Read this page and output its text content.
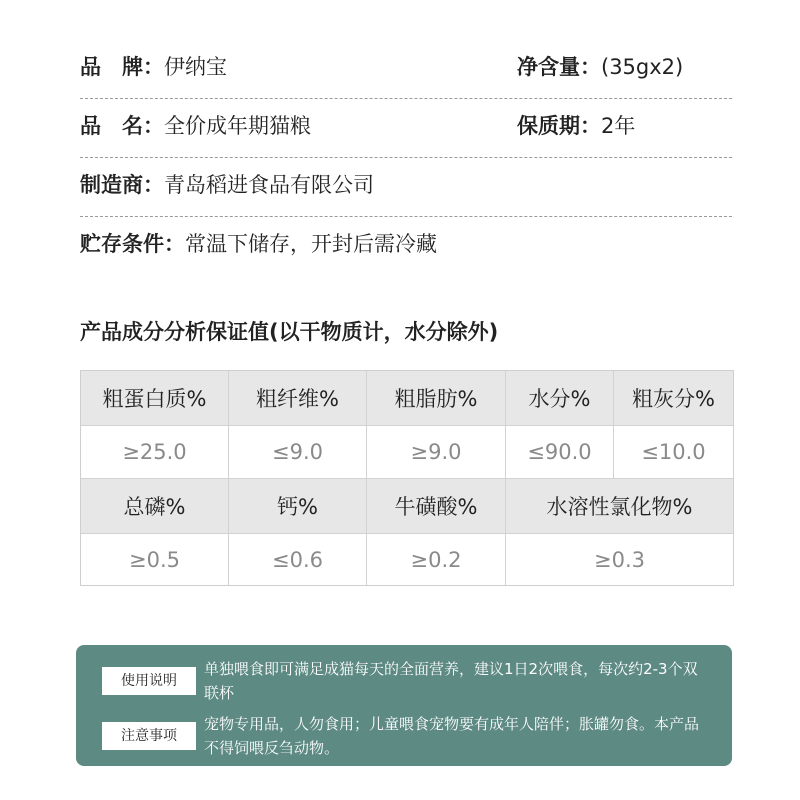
品　牌：伊纳宝	净含量：(35gx2)
品　名：全价成年期猫粮	保质期：2年
制造商：青岛稻进食品有限公司
贮存条件：常温下储存，开封后需冷藏
产品成分分析保证值(以干物质计，水分除外)
粗蛋白质%	粗纤维%	粗脂肪%	水分%	粗灰分%
≥25.0	≤9.0	≥9.0	≤90.0	≤10.0
总磷%	钙%	牛磺酸%	水溶性氯化物%
≥0.5	≤0.6	≥0.2	≥0.3
使用说明
单独喂食即可满足成猫每天的全面营养，建议1日2次喂食，每次约2-3个双联杯
注意事项
宠物专用品，人勿食用；儿童喂食宠物要有成年人陪伴；胀罐勿食。本产品不得饲喂反刍动物。
